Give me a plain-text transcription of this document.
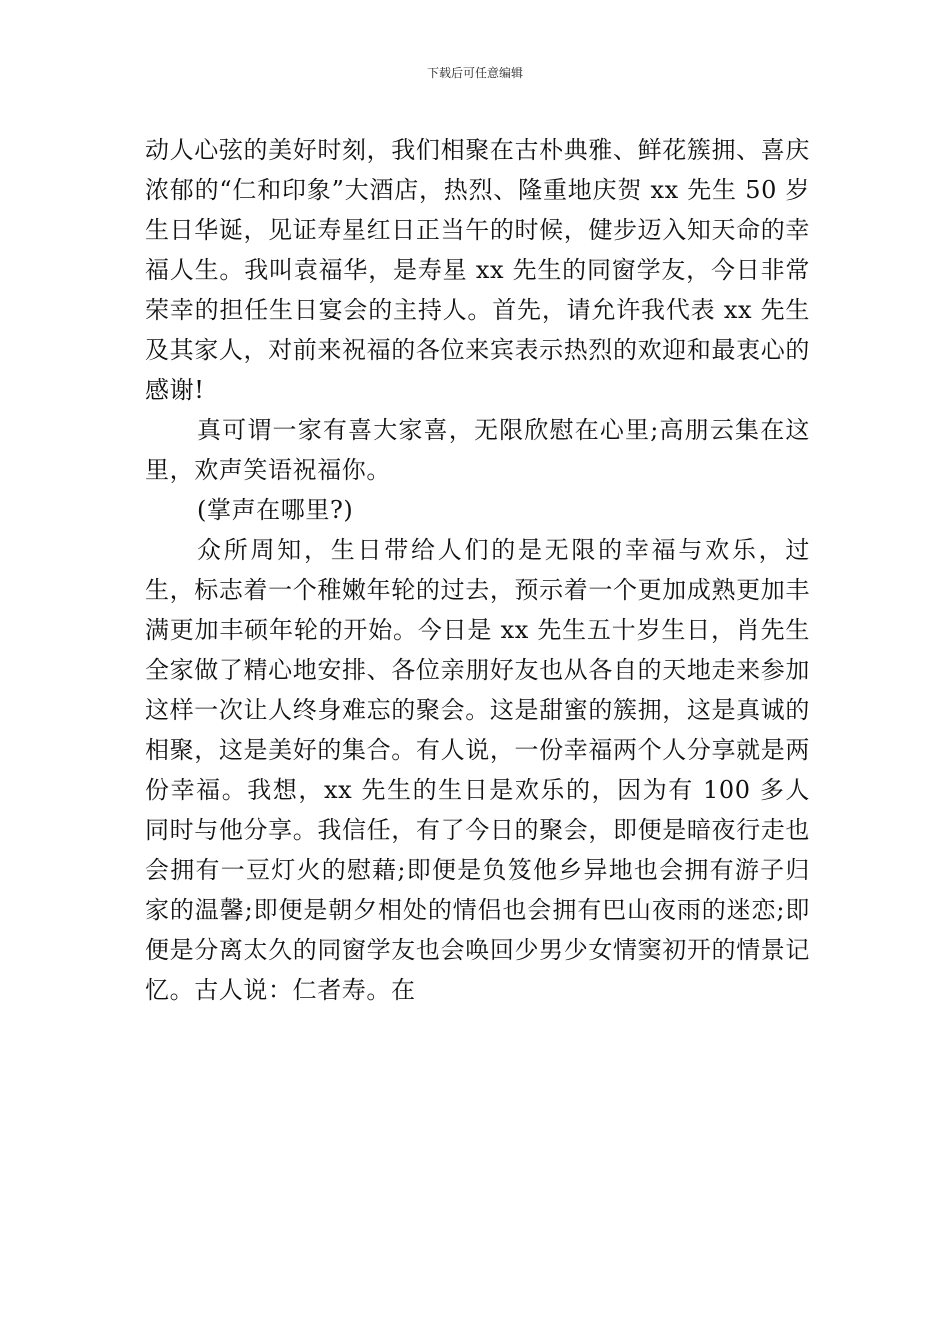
下载后可任意编辑

动人心弦的美好时刻，我们相聚在古朴典雅、鲜花簇拥、喜庆浓郁的“仁和印象”大酒店，热烈、隆重地庆贺 xx 先生 50 岁生日华诞，见证寿星红日正当午的时候，健步迈入知天命的幸福人生。我叫袁福华，是寿星 xx 先生的同窗学友，今日非常荣幸的担任生日宴会的主持人。首先，请允许我代表 xx 先生及其家人，对前来祝福的各位来宾表示热烈的欢迎和最衷心的感谢!

真可谓一家有喜大家喜，无限欣慰在心里;高朋云集在这里，欢声笑语祝福你。

(掌声在哪里?)

众所周知，生日带给人们的是无限的幸福与欢乐，过生，标志着一个稚嫩年轮的过去，预示着一个更加成熟更加丰满更加丰硕年轮的开始。今日是 xx 先生五十岁生日，肖先生全家做了精心地安排、各位亲朋好友也从各自的天地走来参加这样一次让人终身难忘的聚会。这是甜蜜的簇拥，这是真诚的相聚，这是美好的集合。有人说，一份幸福两个人分享就是两份幸福。我想，xx 先生的生日是欢乐的，因为有 100 多人同时与他分享。我信任，有了今日的聚会，即便是暗夜行走也会拥有一豆灯火的慰藉;即便是负笈他乡异地也会拥有游子归家的温馨;即便是朝夕相处的情侣也会拥有巴山夜雨的迷恋;即便是分离太久的同窗学友也会唤回少男少女情窦初开的情景记忆。古人说：仁者寿。在
